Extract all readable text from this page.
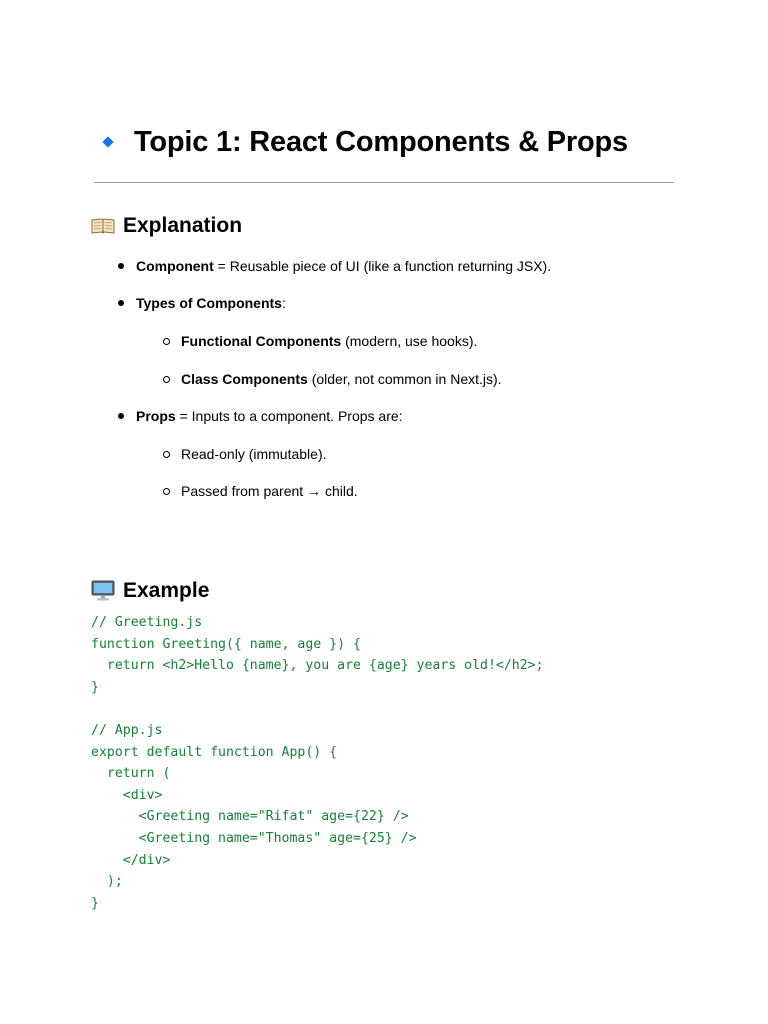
Topic 1: React Components & Props
Explanation
Component = Reusable piece of UI (like a function returning JSX).
Types of Components:
Functional Components (modern, use hooks).
Class Components (older, not common in Next.js).
Props = Inputs to a component. Props are:
Read-only (immutable).
Passed from parent → child.
Example
// Greeting.js
function Greeting({ name, age }) {
return <h2>Hello {name}, you are {age} years old!</h2>;
}
// App.js
export default function App() {
return (
<div>
<Greeting name="Rifat" age={22} />
<Greeting name="Thomas" age={25} />
</div>
);
}
